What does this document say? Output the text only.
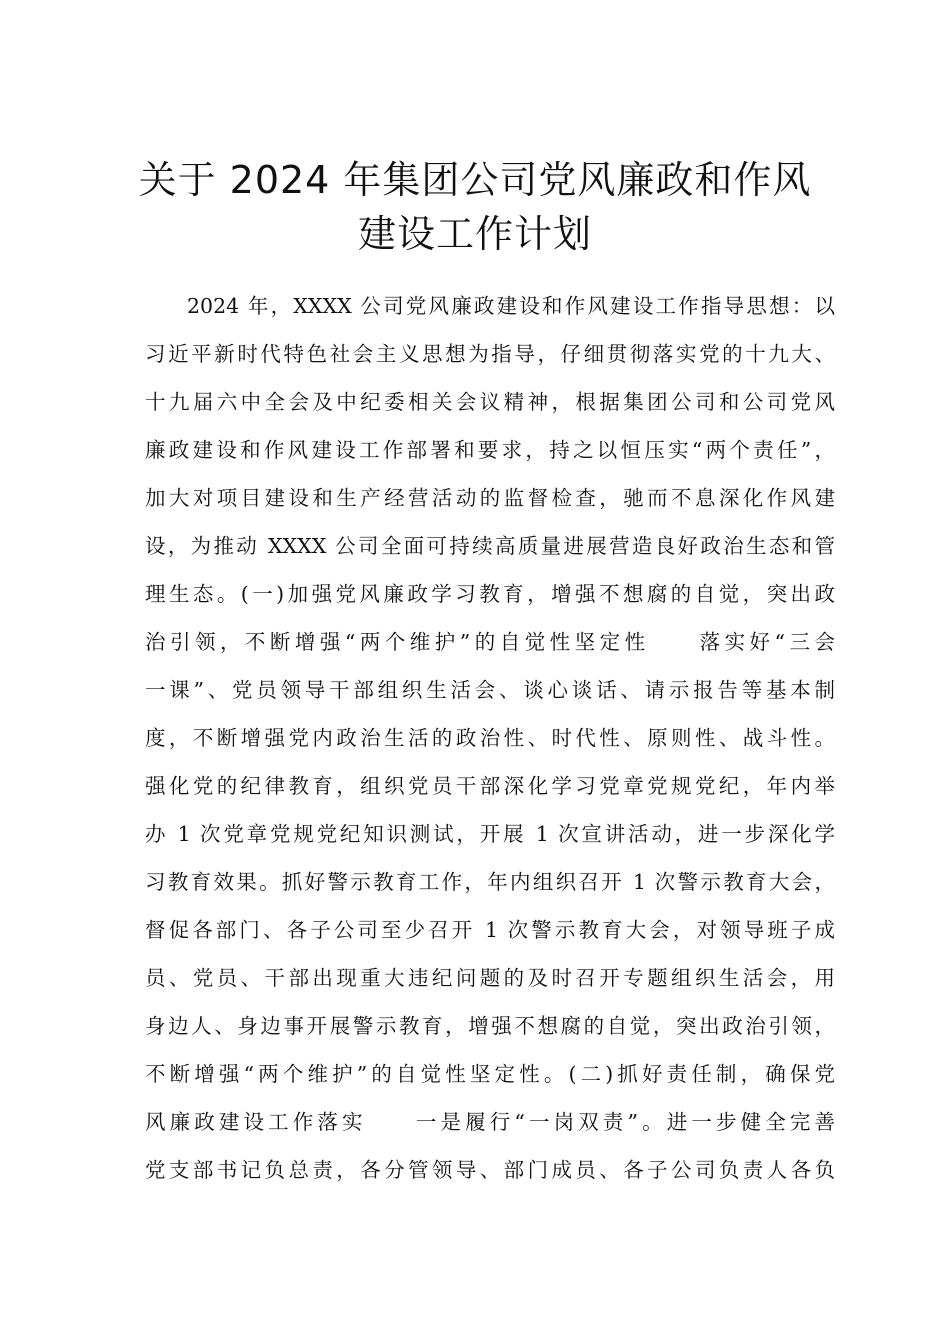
关于 2024 年集团公司党风廉政和作风
建设工作计划
2024 年，XXXX 公司党风廉政建设和作风建设工作指导思想：以
习近平新时代特色社会主义思想为指导，仔细贯彻落实党的十九大、
十九届六中全会及中纪委相关会议精神，根据集团公司和公司党风
廉政建设和作风建设工作部署和要求，持之以恒压实“两个责任”，
加大对项目建设和生产经营活动的监督检查，驰而不息深化作风建
设，为推动 XXXX 公司全面可持续高质量进展营造良好政治生态和管
理生态。(一)加强党风廉政学习教育，增强不想腐的自觉，突出政
治引领，不断增强“两个维护”的自觉性坚定性　　落实好“三会
一课”、党员领导干部组织生活会、谈心谈话、请示报告等基本制
度，不断增强党内政治生活的政治性、时代性、原则性、战斗性。
强化党的纪律教育，组织党员干部深化学习党章党规党纪，年内举
办 1 次党章党规党纪知识测试，开展 1 次宣讲活动，进一步深化学
习教育效果。抓好警示教育工作，年内组织召开 1 次警示教育大会，
督促各部门、各子公司至少召开 1 次警示教育大会，对领导班子成
员、党员、干部出现重大违纪问题的及时召开专题组织生活会，用
身边人、身边事开展警示教育，增强不想腐的自觉，突出政治引领，
不断增强“两个维护”的自觉性坚定性。(二)抓好责任制，确保党
风廉政建设工作落实　　一是履行“一岗双责”。进一步健全完善
党支部书记负总责，各分管领导、部门成员、各子公司负责人各负
